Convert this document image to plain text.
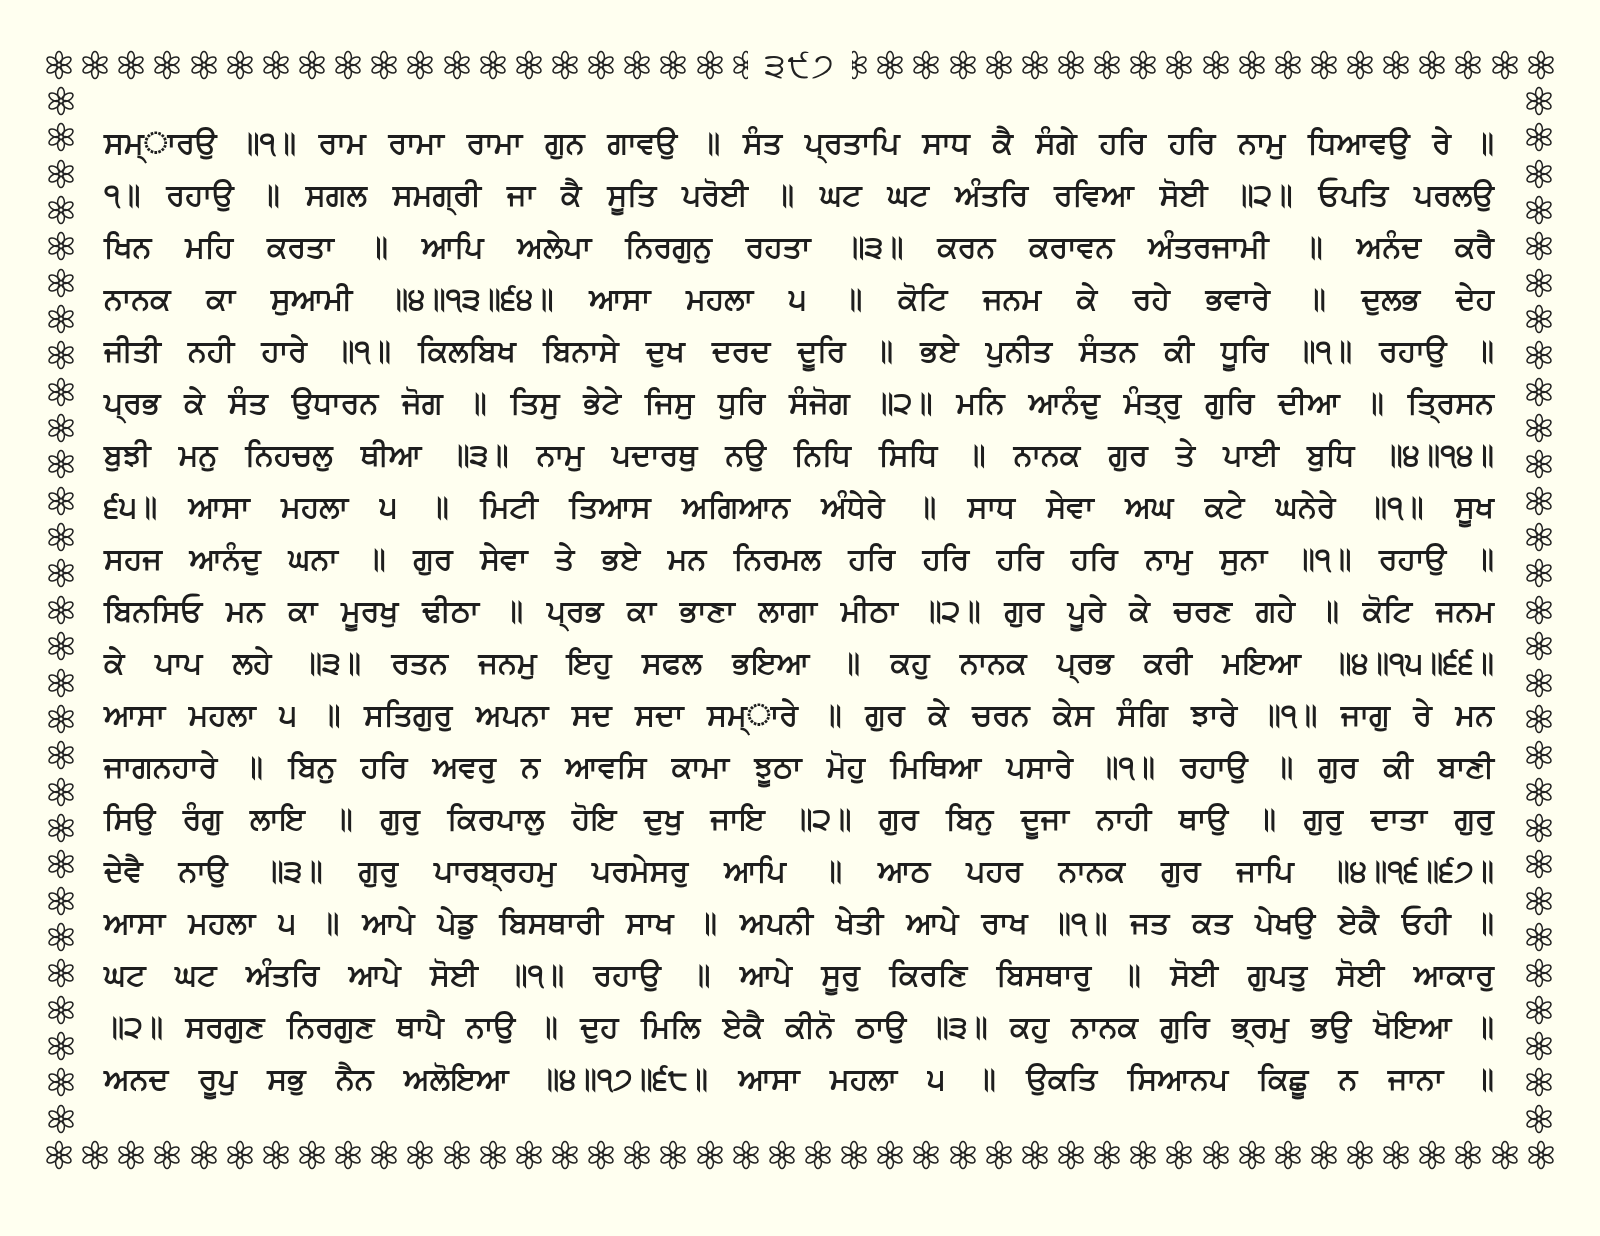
੩੯੭
ਸਮ੍ਾਰਉ ॥੧॥ ਰਾਮ ਰਾਮਾ ਰਾਮਾ ਗੁਨ ਗਾਵਉ ॥ ਸੰਤ ਪ੍ਰਤਾਪਿ ਸਾਧ ਕੈ ਸੰਗੇ ਹਰਿ ਹਰਿ ਨਾਮੁ ਧਿਆਵਉ ਰੇ ॥
੧॥ ਰਹਾਉ ॥ ਸਗਲ ਸਮਗ੍ਰੀ ਜਾ ਕੈ ਸੂਤਿ ਪਰੋਈ ॥ ਘਟ ਘਟ ਅੰਤਰਿ ਰਵਿਆ ਸੋਈ ॥੨॥ ਓਪਤਿ ਪਰਲਉ
ਖਿਨ ਮਹਿ ਕਰਤਾ ॥ ਆਪਿ ਅਲੇਪਾ ਨਿਰਗੁਨੁ ਰਹਤਾ ॥੩॥ ਕਰਨ ਕਰਾਵਨ ਅੰਤਰਜਾਮੀ ॥ ਅਨੰਦ ਕਰੈ
ਨਾਨਕ ਕਾ ਸੁਆਮੀ ॥੪॥੧੩॥੬੪॥ ਆਸਾ ਮਹਲਾ ੫ ॥ ਕੋਟਿ ਜਨਮ ਕੇ ਰਹੇ ਭਵਾਰੇ ॥ ਦੁਲਭ ਦੇਹ
ਜੀਤੀ ਨਹੀ ਹਾਰੇ ॥੧॥ ਕਿਲਬਿਖ ਬਿਨਾਸੇ ਦੁਖ ਦਰਦ ਦੂਰਿ ॥ ਭਏ ਪੁਨੀਤ ਸੰਤਨ ਕੀ ਧੂਰਿ ॥੧॥ ਰਹਾਉ ॥
ਪ੍ਰਭ ਕੇ ਸੰਤ ਉਧਾਰਨ ਜੋਗ ॥ ਤਿਸੁ ਭੇਟੇ ਜਿਸੁ ਧੁਰਿ ਸੰਜੋਗ ॥੨॥ ਮਨਿ ਆਨੰਦੁ ਮੰਤ੍ਰੁ ਗੁਰਿ ਦੀਆ ॥ ਤ੍ਰਿਸਨ
ਬੁਝੀ ਮਨੁ ਨਿਹਚਲੁ ਥੀਆ ॥੩॥ ਨਾਮੁ ਪਦਾਰਥੁ ਨਉ ਨਿਧਿ ਸਿਧਿ ॥ ਨਾਨਕ ਗੁਰ ਤੇ ਪਾਈ ਬੁਧਿ ॥੪॥੧੪॥
੬੫॥ ਆਸਾ ਮਹਲਾ ੫ ॥ ਮਿਟੀ ਤਿਆਸ ਅਗਿਆਨ ਅੰਧੇਰੇ ॥ ਸਾਧ ਸੇਵਾ ਅਘ ਕਟੇ ਘਨੇਰੇ ॥੧॥ ਸੂਖ
ਸਹਜ ਆਨੰਦੁ ਘਨਾ ॥ ਗੁਰ ਸੇਵਾ ਤੇ ਭਏ ਮਨ ਨਿਰਮਲ ਹਰਿ ਹਰਿ ਹਰਿ ਹਰਿ ਨਾਮੁ ਸੁਨਾ ॥੧॥ ਰਹਾਉ ॥
ਬਿਨਸਿਓ ਮਨ ਕਾ ਮੂਰਖੁ ਢੀਠਾ ॥ ਪ੍ਰਭ ਕਾ ਭਾਣਾ ਲਾਗਾ ਮੀਠਾ ॥੨॥ ਗੁਰ ਪੂਰੇ ਕੇ ਚਰਣ ਗਹੇ ॥ ਕੋਟਿ ਜਨਮ
ਕੇ ਪਾਪ ਲਹੇ ॥੩॥ ਰਤਨ ਜਨਮੁ ਇਹੁ ਸਫਲ ਭਇਆ ॥ ਕਹੁ ਨਾਨਕ ਪ੍ਰਭ ਕਰੀ ਮਇਆ ॥੪॥੧੫॥੬੬॥
ਆਸਾ ਮਹਲਾ ੫ ॥ ਸਤਿਗੁਰੁ ਅਪਨਾ ਸਦ ਸਦਾ ਸਮ੍ਾਰੇ ॥ ਗੁਰ ਕੇ ਚਰਨ ਕੇਸ ਸੰਗਿ ਝਾਰੇ ॥੧॥ ਜਾਗੁ ਰੇ ਮਨ
ਜਾਗਨਹਾਰੇ ॥ ਬਿਨੁ ਹਰਿ ਅਵਰੁ ਨ ਆਵਸਿ ਕਾਮਾ ਝੂਠਾ ਮੋਹੁ ਮਿਥਿਆ ਪਸਾਰੇ ॥੧॥ ਰਹਾਉ ॥ ਗੁਰ ਕੀ ਬਾਣੀ
ਸਿਉ ਰੰਗੁ ਲਾਇ ॥ ਗੁਰੁ ਕਿਰਪਾਲੁ ਹੋਇ ਦੁਖੁ ਜਾਇ ॥੨॥ ਗੁਰ ਬਿਨੁ ਦੂਜਾ ਨਾਹੀ ਥਾਉ ॥ ਗੁਰੁ ਦਾਤਾ ਗੁਰੁ
ਦੇਵੈ ਨਾਉ ॥੩॥ ਗੁਰੁ ਪਾਰਬ੍ਰਹਮੁ ਪਰਮੇਸਰੁ ਆਪਿ ॥ ਆਠ ਪਹਰ ਨਾਨਕ ਗੁਰ ਜਾਪਿ ॥੪॥੧੬॥੬੭॥
ਆਸਾ ਮਹਲਾ ੫ ॥ ਆਪੇ ਪੇਡੁ ਬਿਸਥਾਰੀ ਸਾਖ ॥ ਅਪਨੀ ਖੇਤੀ ਆਪੇ ਰਾਖ ॥੧॥ ਜਤ ਕਤ ਪੇਖਉ ਏਕੈ ਓਹੀ ॥
ਘਟ ਘਟ ਅੰਤਰਿ ਆਪੇ ਸੋਈ ॥੧॥ ਰਹਾਉ ॥ ਆਪੇ ਸੂਰੁ ਕਿਰਣਿ ਬਿਸਥਾਰੁ ॥ ਸੋਈ ਗੁਪਤੁ ਸੋਈ ਆਕਾਰੁ
॥੨॥ ਸਰਗੁਣ ਨਿਰਗੁਣ ਥਾਪੈ ਨਾਉ ॥ ਦੁਹ ਮਿਲਿ ਏਕੈ ਕੀਨੋ ਠਾਉ ॥੩॥ ਕਹੁ ਨਾਨਕ ਗੁਰਿ ਭ੍ਰਮੁ ਭਉ ਖੋਇਆ ॥
ਅਨਦ ਰੂਪੁ ਸਭੁ ਨੈਨ ਅਲੋਇਆ ॥੪॥੧੭॥੬੮॥ ਆਸਾ ਮਹਲਾ ੫ ॥ ਉਕਤਿ ਸਿਆਨਪ ਕਿਛੂ ਨ ਜਾਨਾ ॥
